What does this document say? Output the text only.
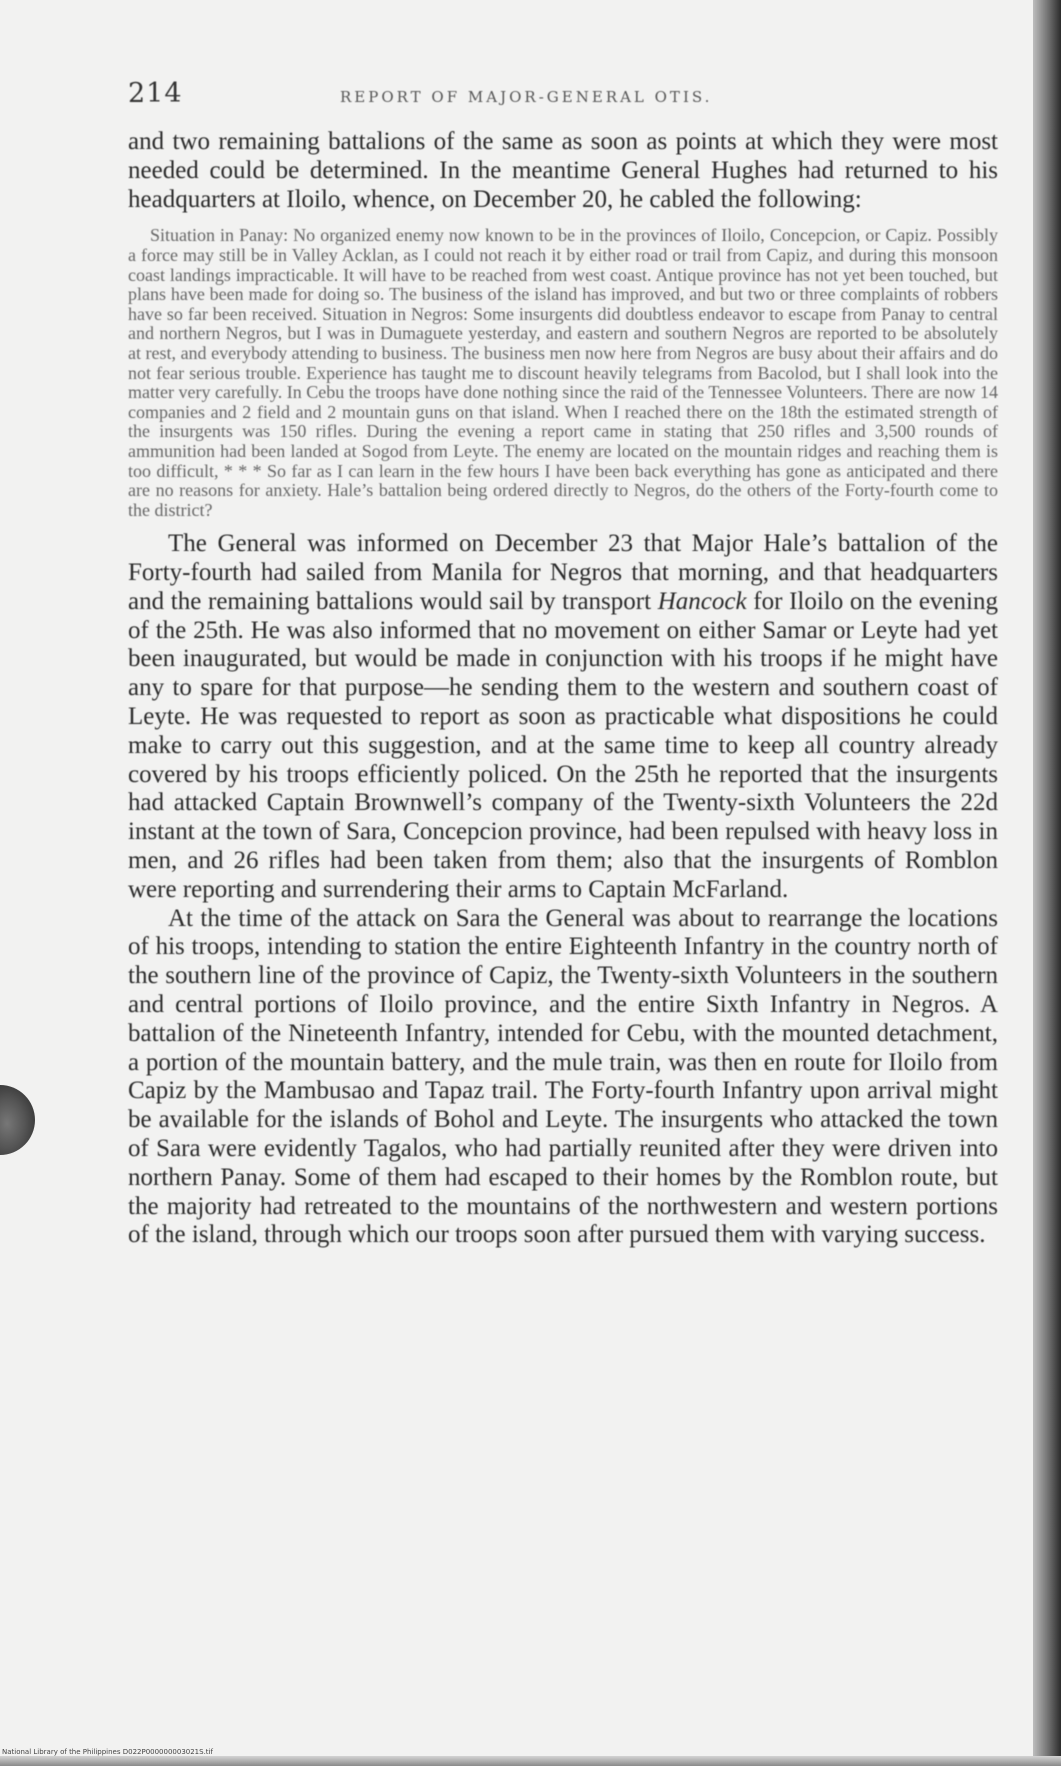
214	REPORT OF MAJOR-GENERAL OTIS.

and two remaining battalions of the same as soon as points at which they were most needed could be determined. In the meantime General Hughes had returned to his headquarters at Iloilo, whence, on December 20, he cabled the following:

Situation in Panay: No organized enemy now known to be in the provinces of Iloilo, Concepcion, or Capiz. Possibly a force may still be in Valley Acklan, as I could not reach it by either road or trail from Capiz, and during this monsoon coast landings impracticable. It will have to be reached from west coast. Antique province has not yet been touched, but plans have been made for doing so. The business of the island has improved, and but two or three complaints of robbers have so far been received. Situation in Negros: Some insurgents did doubtless endeavor to escape from Panay to central and northern Negros, but I was in Dumaguete yesterday, and eastern and southern Negros are reported to be absolutely at rest, and everybody attending to business. The business men now here from Negros are busy about their affairs and do not fear serious trouble. Experience has taught me to discount heavily telegrams from Bacolod, but I shall look into the matter very carefully. In Cebu the troops have done nothing since the raid of the Tennessee Volunteers. There are now 14 companies and 2 field and 2 mountain guns on that island. When I reached there on the 18th the estimated strength of the insurgents was 150 rifles. During the evening a report came in stating that 250 rifles and 3,500 rounds of ammunition had been landed at Sogod from Leyte. The enemy are located on the mountain ridges and reaching them is too difficult, * * * So far as I can learn in the few hours I have been back everything has gone as anticipated and there are no reasons for anxiety. Hale’s battalion being ordered directly to Negros, do the others of the Forty-fourth come to the district?

The General was informed on December 23 that Major Hale’s battalion of the Forty-fourth had sailed from Manila for Negros that morning, and that headquarters and the remaining battalions would sail by transport Hancock for Iloilo on the evening of the 25th. He was also informed that no movement on either Samar or Leyte had yet been inaugurated, but would be made in conjunction with his troops if he might have any to spare for that purpose—he sending them to the western and southern coast of Leyte. He was requested to report as soon as practicable what dispositions he could make to carry out this suggestion, and at the same time to keep all country already covered by his troops efficiently policed. On the 25th he reported that the insurgents had attacked Captain Brownwell’s company of the Twenty-sixth Volunteers the 22d instant at the town of Sara, Concepcion province, had been repulsed with heavy loss in men, and 26 rifles had been taken from them; also that the insurgents of Romblon were reporting and surrendering their arms to Captain McFarland.

At the time of the attack on Sara the General was about to rearrange the locations of his troops, intending to station the entire Eighteenth Infantry in the country north of the southern line of the province of Capiz, the Twenty-sixth Volunteers in the southern and central portions of Iloilo province, and the entire Sixth Infantry in Negros. A battalion of the Nineteenth Infantry, intended for Cebu, with the mounted detachment, a portion of the mountain battery, and the mule train, was then en route for Iloilo from Capiz by the Mambusao and Tapaz trail. The Forty-fourth Infantry upon arrival might be available for the islands of Bohol and Leyte. The insurgents who attacked the town of Sara were evidently Tagalos, who had partially reunited after they were driven into northern Panay. Some of them had escaped to their homes by the Romblon route, but the majority had retreated to the mountains of the northwestern and western portions of the island, through which our troops soon after pursued them with varying success.

National Library of the Philippines D022P000000003021S.tif
